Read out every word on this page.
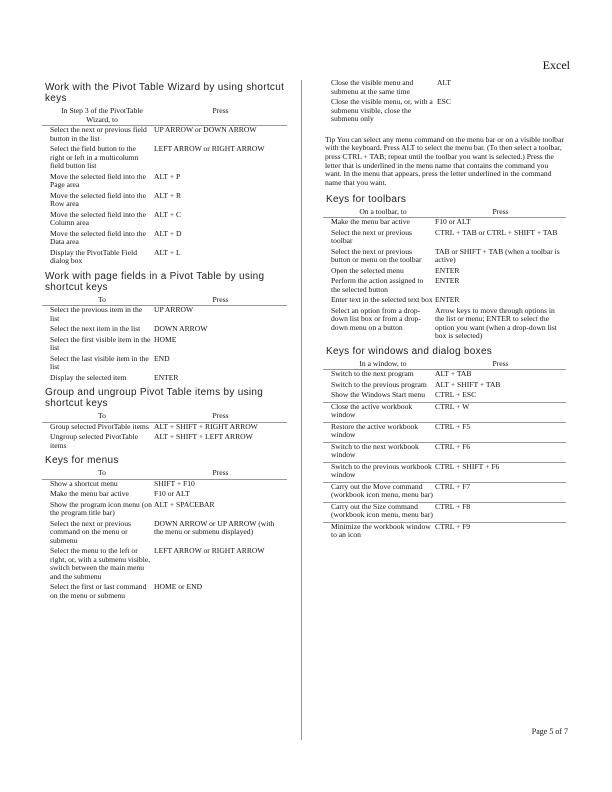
Excel
Work with the Pivot Table Wizard by using shortcut keys
In Step 3 of the PivotTable Wizard, to	Press
Select the next or previous field button in the list	UP ARROW or DOWN ARROW
Select the field button to the right or left in a multicolumn field button list	LEFT ARROW or RIGHT ARROW
Move the selected field into the Page area	ALT + P
Move the selected field into the Row area	ALT + R
Move the selected field into the Column area	ALT + C
Move the selected field into the Data area	ALT + D
Display the PivotTable Field dialog box	ALT + L
Work with page fields in a Pivot Table by using shortcut keys
To	Press
Select the previous item in the list	UP ARROW
Select the next item in the list	DOWN ARROW
Select the first visible item in the list	HOME
Select the last visible item in the list	END
Display the selected item	ENTER
Group and ungroup Pivot Table items by using shortcut keys
To	Press
Group selected PivotTable items	ALT + SHIFT + RIGHT ARROW
Ungroup selected PivotTable items	ALT + SHIFT + LEFT ARROW
Keys for menus
To	Press
Show a shortcut menu	SHIFT + F10
Make the menu bar active	F10 or ALT
Show the program icon menu (on the program title bar)	ALT + SPACEBAR
Select the next or previous command on the menu or submenu	DOWN ARROW or UP ARROW (with the menu or submenu displayed)
Select the menu to the left or right, or, with a submenu visible, switch between the main menu and the submenu	LEFT ARROW or RIGHT ARROW
Select the first or last command on the menu or submenu	HOME or END
Close the visible menu and submenu at the same time	ALT
Close the visible menu, or, with a submenu visible, close the submenu only	ESC
Tip You can select any menu command on the menu bar or on a visible toolbar with the keyboard. Press ALT to select the menu bar. (To then select a toolbar, press CTRL + TAB; repeat until the toolbar you want is selected.) Press the letter that is underlined in the menu name that contains the command you want. In the menu that appears, press the letter underlined in the command name that you want.
Keys for toolbars
On a toolbar, to	Press
Make the menu bar active	F10 or ALT
Select the next or previous toolbar	CTRL + TAB or CTRL + SHIFT + TAB
Select the next or previous button or menu on the toolbar	TAB or SHIFT + TAB (when a toolbar is active)
Open the selected menu	ENTER
Perform the action assigned to the selected button	ENTER
Enter text in the selected text box	ENTER
Select an option from a drop-down list box or from a drop-down menu on a button	Arrow keys to move through options in the list or menu; ENTER to select the option you want (when a drop-down list box is selected)
Keys for windows and dialog boxes
In a window, to	Press
Switch to the next program	ALT + TAB
Switch to the previous program	ALT + SHIFT + TAB
Show the Windows Start menu	CTRL + ESC
Close the active workbook window	CTRL + W
Restore the active workbook window	CTRL + F5
Switch to the next workbook window	CTRL + F6
Switch to the previous workbook window	CTRL + SHIFT + F6
Carry out the Move command (workbook icon menu, menu bar)	CTRL + F7
Carry out the Size command (workbook icon menu, menu bar)	CTRL + F8
Minimize the workbook window to an icon	CTRL + F9
Page 5 of 7
